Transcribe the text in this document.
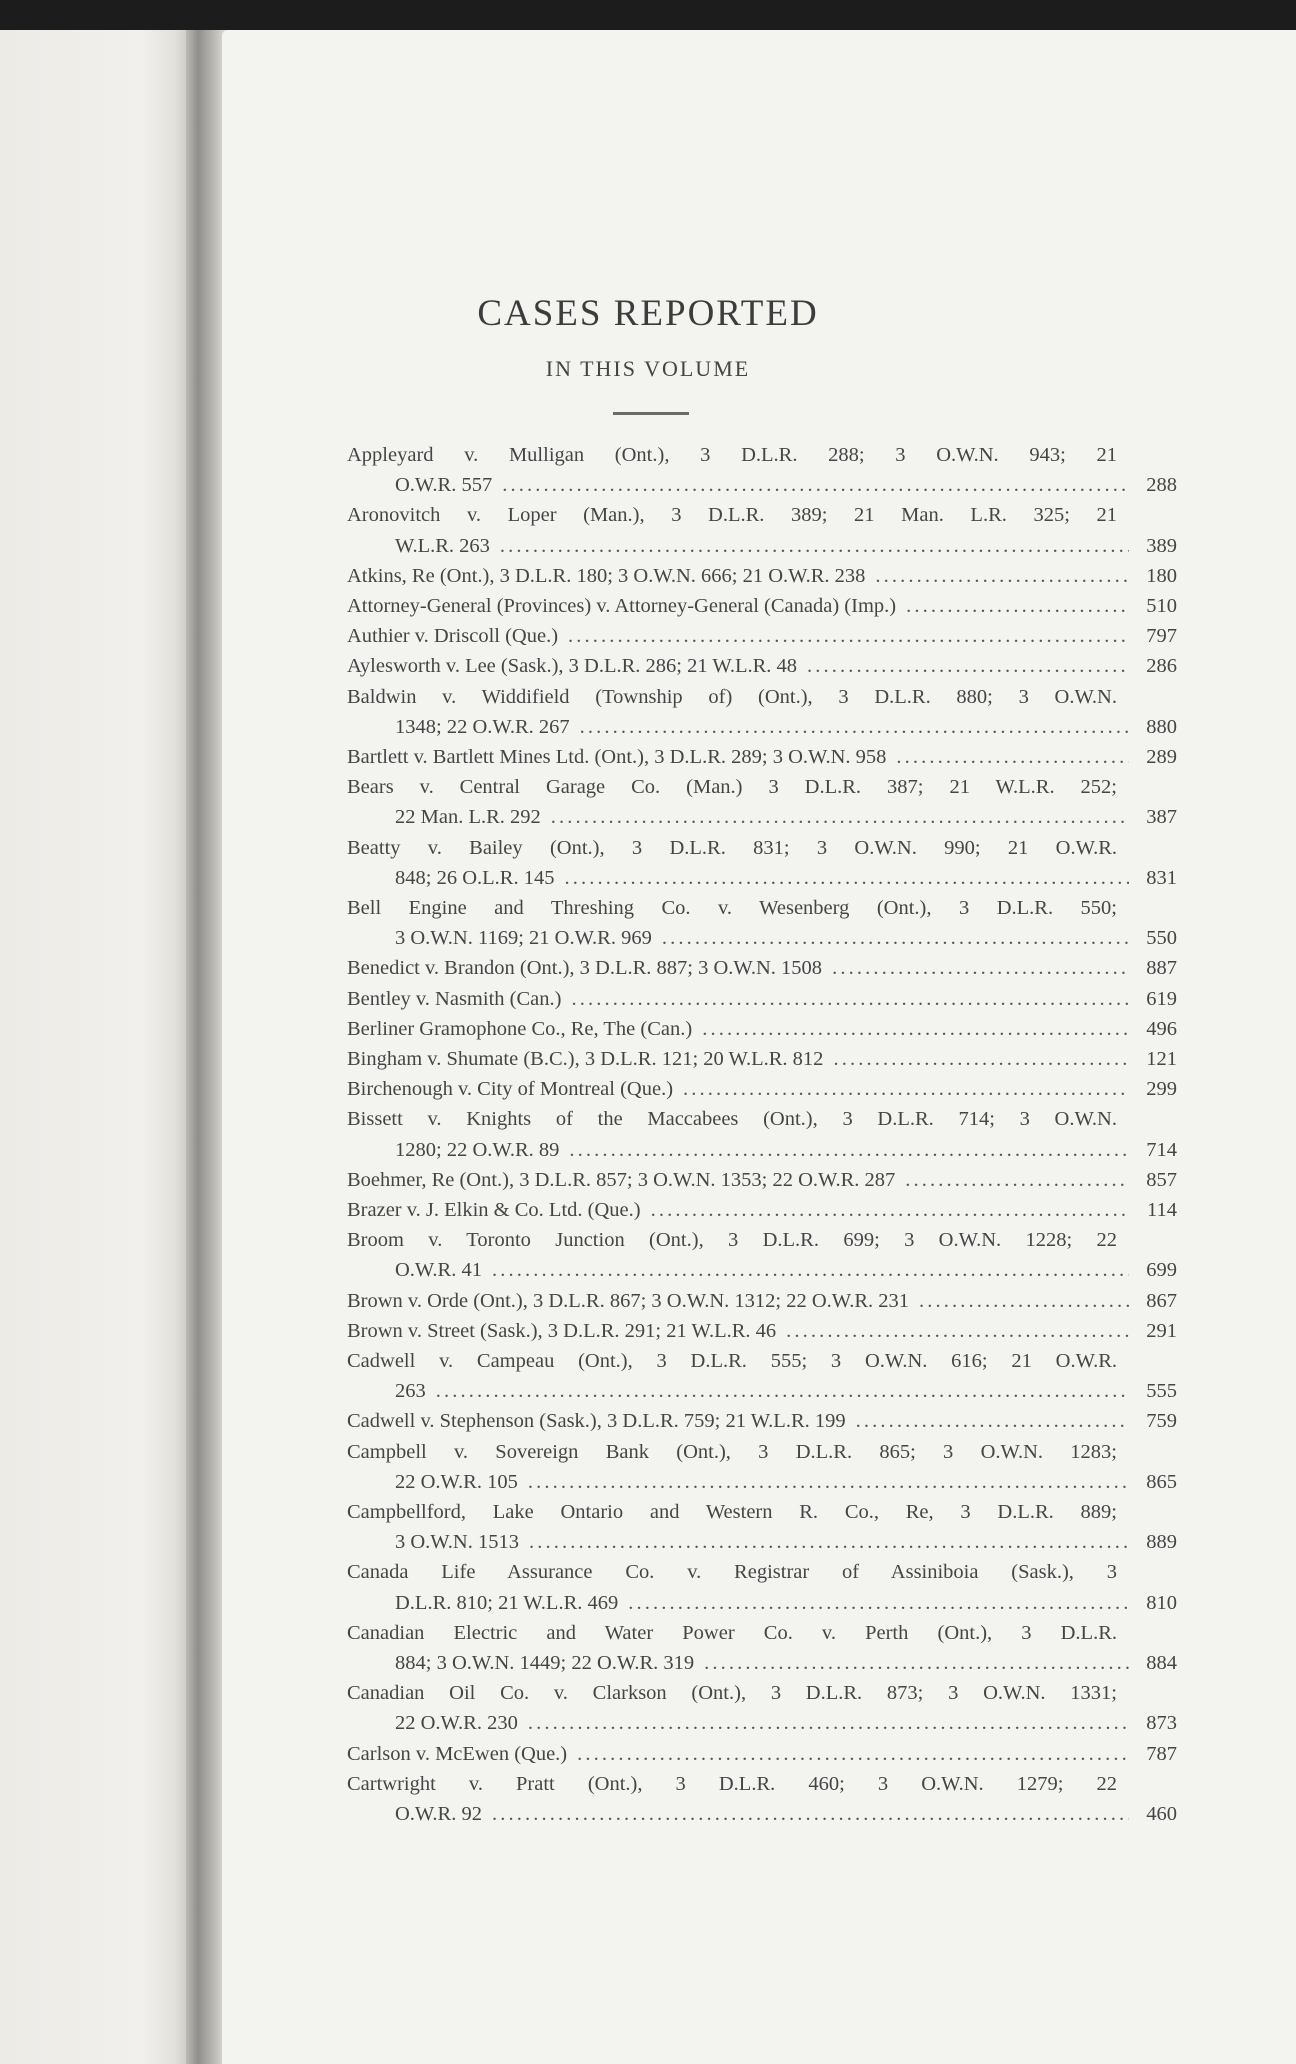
CASES REPORTED
IN THIS VOLUME
Appleyard v. Mulligan (Ont.), 3 D.L.R. 288; 3 O.W.N. 943; 21
O.W.R. 557 . . .	288
Aronovitch v. Loper (Man.), 3 D.L.R. 389; 21 Man. L.R. 325; 21
W.L.R. 263 . . .	389
Atkins, Re (Ont.), 3 D.L.R. 180; 3 O.W.N. 666; 21 O.W.R. 238 . . .	180
Attorney-General (Provinces) v. Attorney-General (Canada) (Imp.) . . .	510
Authier v. Driscoll (Que.) . . .	797
Aylesworth v. Lee (Sask.), 3 D.L.R. 286; 21 W.L.R. 48 . . .	286
Baldwin v. Widdifield (Township of) (Ont.), 3 D.L.R. 880; 3 O.W.N.
1348; 22 O.W.R. 267 . . .	880
Bartlett v. Bartlett Mines Ltd. (Ont.), 3 D.L.R. 289; 3 O.W.N. 958 . . .	289
Bears v. Central Garage Co. (Man.) 3 D.L.R. 387; 21 W.L.R. 252;
22 Man. L.R. 292 . . .	387
Beatty v. Bailey (Ont.), 3 D.L.R. 831; 3 O.W.N. 990; 21 O.W.R.
848; 26 O.L.R. 145 . . .	831
Bell Engine and Threshing Co. v. Wesenberg (Ont.), 3 D.L.R. 550;
3 O.W.N. 1169; 21 O.W.R. 969 . . .	550
Benedict v. Brandon (Ont.), 3 D.L.R. 887; 3 O.W.N. 1508 . . .	887
Bentley v. Nasmith (Can.) . . .	619
Berliner Gramophone Co., Re, The (Can.) . . .	496
Bingham v. Shumate (B.C.), 3 D.L.R. 121; 20 W.L.R. 812 . . .	121
Birchenough v. City of Montreal (Que.) . . .	299
Bissett v. Knights of the Maccabees (Ont.), 3 D.L.R. 714; 3 O.W.N.
1280; 22 O.W.R. 89 . . .	714
Boehmer, Re (Ont.), 3 D.L.R. 857; 3 O.W.N. 1353; 22 O.W.R. 287 . . .	857
Brazer v. J. Elkin & Co. Ltd. (Que.) . . .	114
Broom v. Toronto Junction (Ont.), 3 D.L.R. 699; 3 O.W.N. 1228; 22
O.W.R. 41 . . .	699
Brown v. Orde (Ont.), 3 D.L.R. 867; 3 O.W.N. 1312; 22 O.W.R. 231 . . .	867
Brown v. Street (Sask.), 3 D.L.R. 291; 21 W.L.R. 46 . . .	291
Cadwell v. Campeau (Ont.), 3 D.L.R. 555; 3 O.W.N. 616; 21 O.W.R.
263 . . .	555
Cadwell v. Stephenson (Sask.), 3 D.L.R. 759; 21 W.L.R. 199 . . .	759
Campbell v. Sovereign Bank (Ont.), 3 D.L.R. 865; 3 O.W.N. 1283;
22 O.W.R. 105 . . .	865
Campbellford, Lake Ontario and Western R. Co., Re, 3 D.L.R. 889;
3 O.W.N. 1513 . . .	889
Canada Life Assurance Co. v. Registrar of Assiniboia (Sask.), 3
D.L.R. 810; 21 W.L.R. 469 . . .	810
Canadian Electric and Water Power Co. v. Perth (Ont.), 3 D.L.R.
884; 3 O.W.N. 1449; 22 O.W.R. 319 . . .	884
Canadian Oil Co. v. Clarkson (Ont.), 3 D.L.R. 873; 3 O.W.N. 1331;
22 O.W.R. 230 . . .	873
Carlson v. McEwen (Que.) . . .	787
Cartwright v. Pratt (Ont.), 3 D.L.R. 460; 3 O.W.N. 1279; 22
O.W.R. 92 . . .	460
